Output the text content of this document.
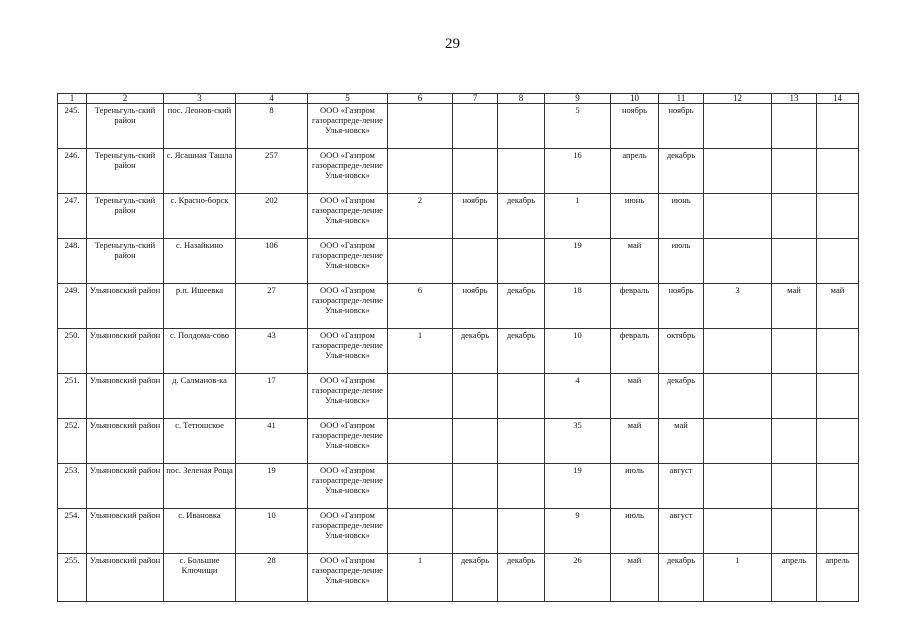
29
1	2	3	4	5	6	7	8	9	10	11	12	13	14
245.	Тереньгуль-ский район	пос. Леонов-ский	8	ООО «Газпром газораспреде-ление Улья-новск»				5	ноябрь	ноябрь			
246.	Тереньгуль-ский район	с. Ясашная Ташла	257	ООО «Газпром газораспреде-ление Улья-новск»				16	апрель	декабрь			
247.	Тереньгуль-ский район	с. Красно-борск	202	ООО «Газпром газораспреде-ление Улья-новск»	2	ноябрь	декабрь	1	июнь	июнь			
248.	Тереньгуль-ский район	с. Назайкино	106	ООО «Газпром газораспреде-ление Улья-новск»				19	май	июль			
249.	Ульяновский район	р.п. Ишеевка	27	ООО «Газпром газораспреде-ление Улья-новск»	6	ноябрь	декабрь	18	февраль	ноябрь	3	май	май
250.	Ульяновский район	с. Полдома-сово	43	ООО «Газпром газораспреде-ление Улья-новск»	1	декабрь	декабрь	10	февраль	октябрь			
251.	Ульяновский район	д. Салманов-ка	17	ООО «Газпром газораспреде-ление Улья-новск»				4	май	декабрь			
252.	Ульяновский район	с. Тетюшское	41	ООО «Газпром газораспреде-ление Улья-новск»				35	май	май			
253.	Ульяновский район	пос. Зеленая Роща	19	ООО «Газпром газораспреде-ление Улья-новск»				19	июль	август			
254.	Ульяновский район	с. Ивановка	10	ООО «Газпром газораспреде-ление Улья-новск»				9	июль	август			
255.	Ульяновский район	с. Большие Ключищи	28	ООО «Газпром газораспреде-ление Улья-новск»	1	декабрь	декабрь	26	май	декабрь	1	апрель	апрель
